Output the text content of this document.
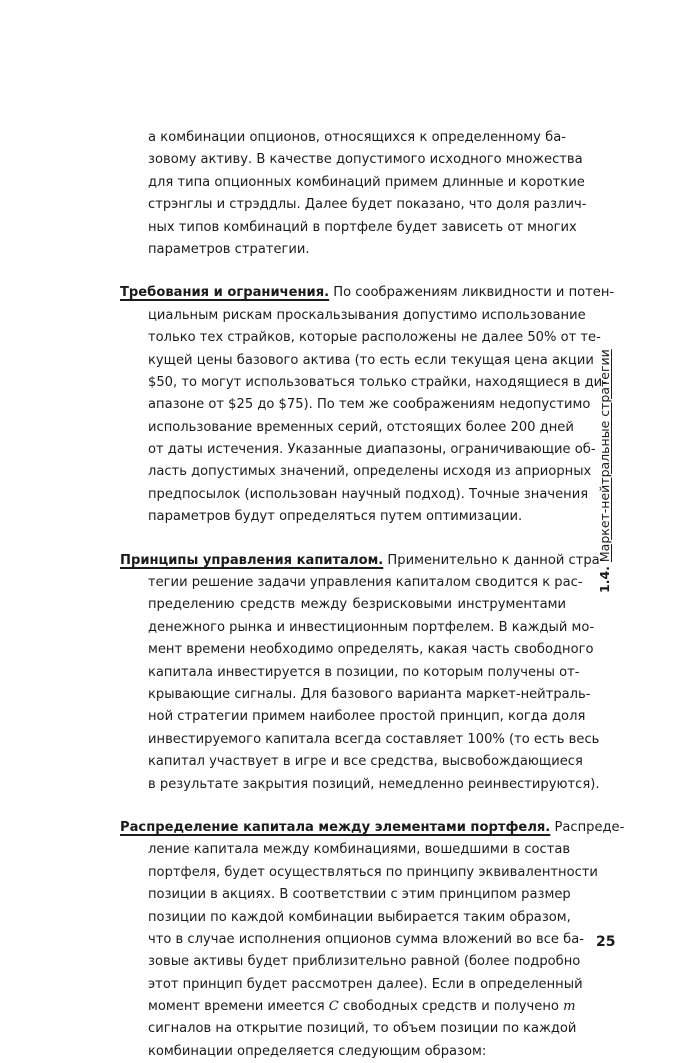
а комбинации опционов, относящихся к определенному ба-
зовому активу. В качестве допустимого исходного множества
для типа опционных комбинаций примем длинные и короткие
стрэнглы и стрэддлы. Далее будет показано, что доля различ-
ных типов комбинаций в портфеле будет зависеть от многих
параметров стратегии.

Требования и ограничения. По соображениям ликвидности и потен-
циальным рискам проскальзывания допустимо использование
только тех страйков, которые расположены не далее 50% от те-
кущей цены базового актива (то есть если текущая цена акции
$50, то могут использоваться только страйки, находящиеся в ди-
апазоне от $25 до $75). По тем же соображениям недопустимо
использование временных серий, отстоящих более 200 дней
от даты истечения. Указанные диапазоны, ограничивающие об-
ласть допустимых значений, определены исходя из априорных
предпосылок (использован научный подход). Точные значения
параметров будут определяться путем оптимизации.

Принципы управления капиталом. Применительно к данной стра-
тегии решение задачи управления капиталом сводится к рас-
пределению средств между безрисковыми инструментами
денежного рынка и инвестиционным портфелем. В каждый мо-
мент времени необходимо определять, какая часть свободного
капитала инвестируется в позиции, по которым получены от-
крывающие сигналы. Для базового варианта маркет-нейтраль-
ной стратегии примем наиболее простой принцип, когда доля
инвестируемого капитала всегда составляет 100% (то есть весь
капитал участвует в игре и все средства, высвобождающиеся
в результате закрытия позиций, немедленно реинвестируются).

Распределение капитала между элементами портфеля. Распреде-
ление капитала между комбинациями, вошедшими в состав
портфеля, будет осуществляться по принципу эквивалентности
позиции в акциях. В соответствии с этим принципом размер
позиции по каждой комбинации выбирается таким образом,
что в случае исполнения опционов сумма вложений во все ба-
зовые активы будет приблизительно равной (более подробно
этот принцип будет рассмотрен далее). Если в определенный
момент времени имеется C свободных средств и получено m
сигналов на открытие позиций, то объем позиции по каждой
комбинации определяется следующим образом:

1.4. Маркет-нейтральные стратегии
25
